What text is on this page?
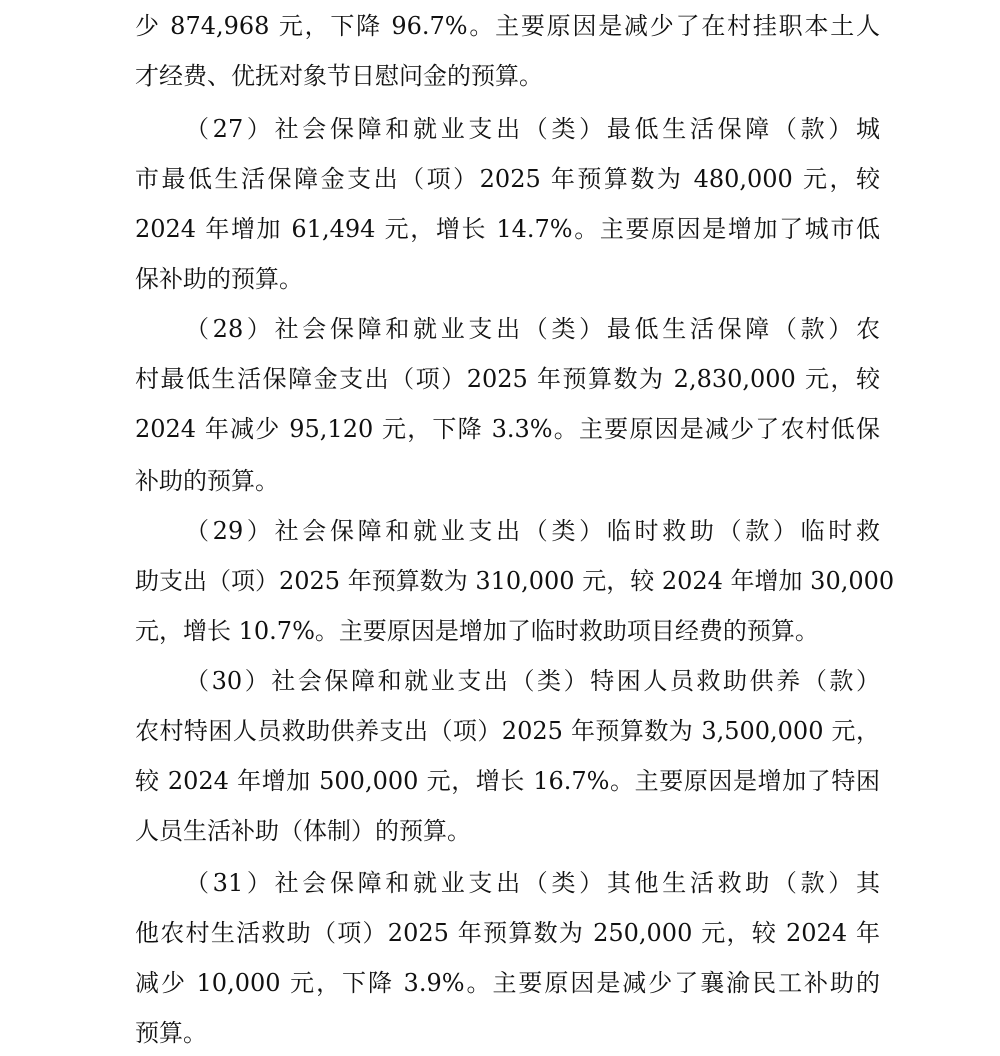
少 874,968 元，下降 96.7%。主要原因是减少了在村挂职本土人
才经费、优抚对象节日慰问金的预算。
（27）社会保障和就业支出（类）最低生活保障（款）城
市最低生活保障金支出（项）2025 年预算数为 480,000 元，较
2024 年增加 61,494 元，增长 14.7%。主要原因是增加了城市低
保补助的预算。
（28）社会保障和就业支出（类）最低生活保障（款）农
村最低生活保障金支出（项）2025 年预算数为 2,830,000 元，较
2024 年减少 95,120 元，下降 3.3%。主要原因是减少了农村低保
补助的预算。
（29）社会保障和就业支出（类）临时救助（款）临时救
助支出（项）2025 年预算数为 310,000 元，较 2024 年增加 30,000
元，增长 10.7%。主要原因是增加了临时救助项目经费的预算。
（30）社会保障和就业支出（类）特困人员救助供养（款）
农村特困人员救助供养支出（项）2025 年预算数为 3,500,000 元，
较 2024 年增加 500,000 元，增长 16.7%。主要原因是增加了特困
人员生活补助（体制）的预算。
（31）社会保障和就业支出（类）其他生活救助（款）其
他农村生活救助（项）2025 年预算数为 250,000 元，较 2024 年
减少 10,000 元，下降 3.9%。主要原因是减少了襄渝民工补助的
预算。
